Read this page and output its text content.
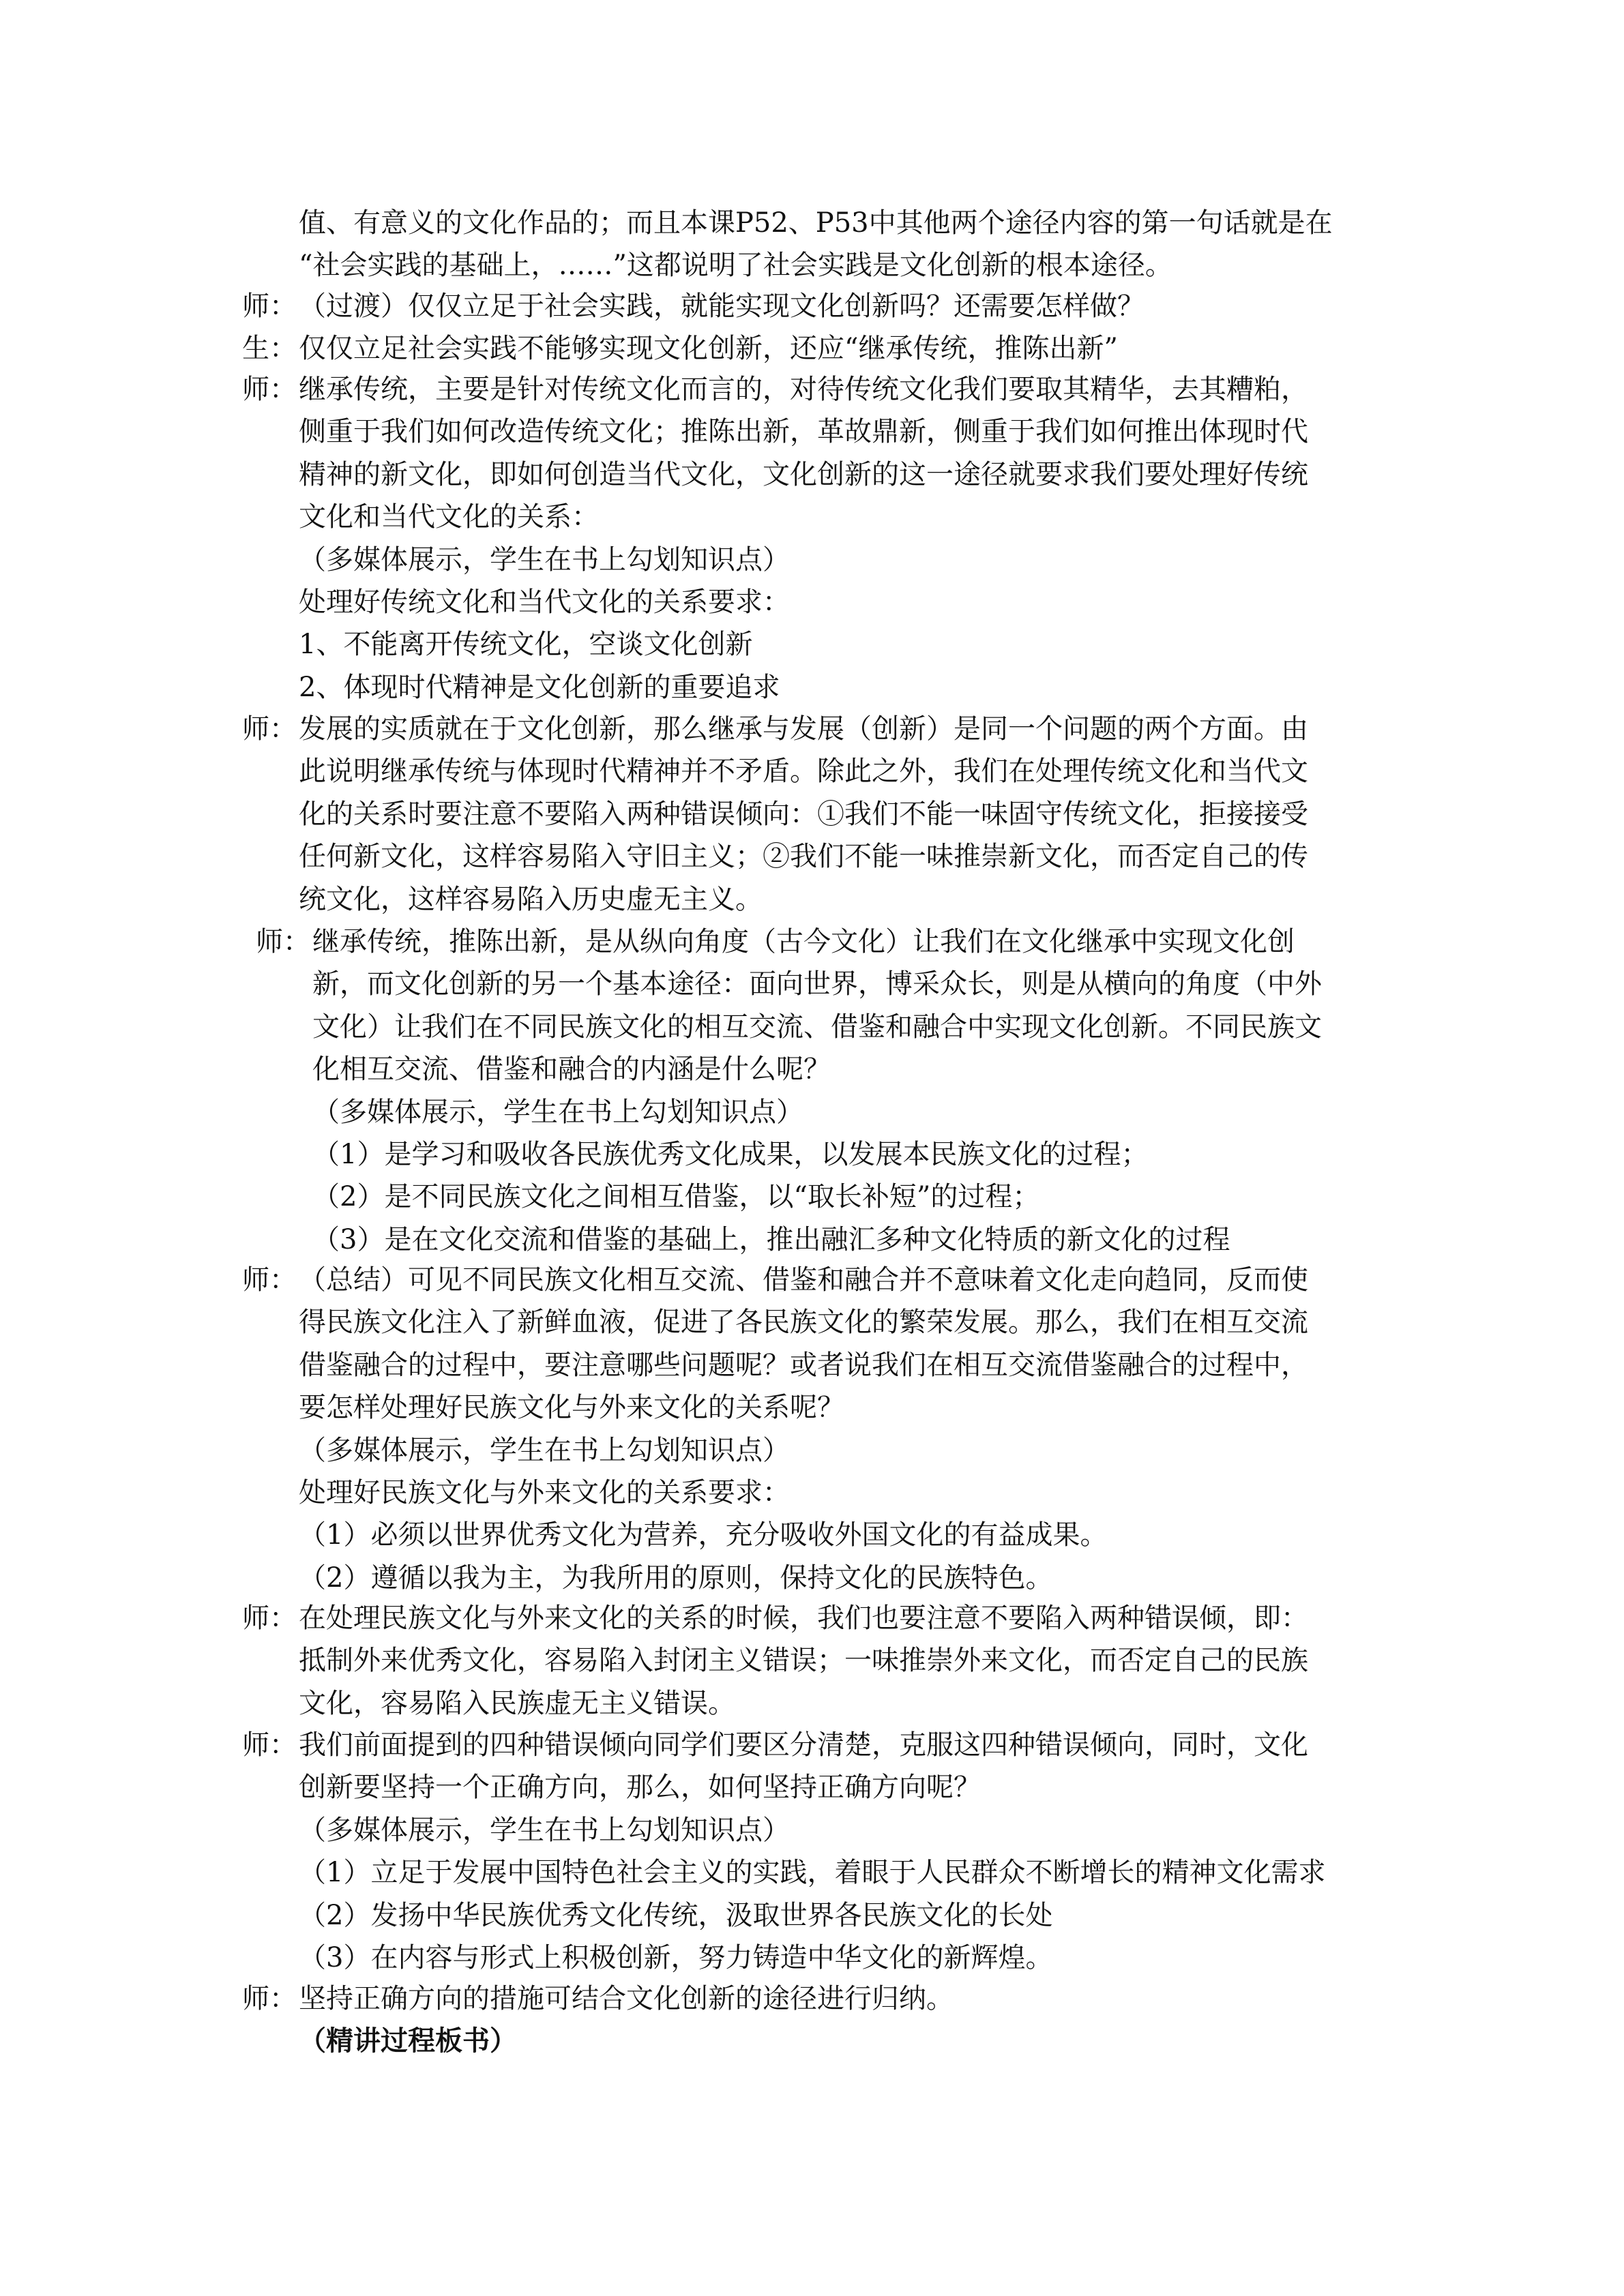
值、有意义的文化作品的；而且本课P52、P53中其他两个途径内容的第一句话就是在
“社会实践的基础上，……”这都说明了社会实践是文化创新的根本途径。
师： （过渡）仅仅立足于社会实践，就能实现文化创新吗？还需要怎样做？
生： 仅仅立足社会实践不能够实现文化创新，还应“继承传统，推陈出新”
师： 继承传统，主要是针对传统文化而言的，对待传统文化我们要取其精华，去其糟粕，
侧重于我们如何改造传统文化；推陈出新，革故鼎新，侧重于我们如何推出体现时代
精神的新文化，即如何创造当代文化，文化创新的这一途径就要求我们要处理好传统
文化和当代文化的关系：
（多媒体展示，学生在书上勾划知识点）
处理好传统文化和当代文化的关系要求：
1、不能离开传统文化，空谈文化创新
2、体现时代精神是文化创新的重要追求
师： 发展的实质就在于文化创新，那么继承与发展（创新）是同一个问题的两个方面。由
此说明继承传统与体现时代精神并不矛盾。除此之外，我们在处理传统文化和当代文
化的关系时要注意不要陷入两种错误倾向：①我们不能一味固守传统文化，拒接接受
任何新文化，这样容易陷入守旧主义；②我们不能一味推崇新文化，而否定自己的传
统文化，这样容易陷入历史虚无主义。
师： 继承传统，推陈出新，是从纵向角度（古今文化）让我们在文化继承中实现文化创
新，而文化创新的另一个基本途径：面向世界，博采众长，则是从横向的角度（中外
文化）让我们在不同民族文化的相互交流、借鉴和融合中实现文化创新。不同民族文
化相互交流、借鉴和融合的内涵是什么呢？
（多媒体展示，学生在书上勾划知识点）
（1）是学习和吸收各民族优秀文化成果，以发展本民族文化的过程；
（2）是不同民族文化之间相互借鉴，以“取长补短”的过程；
（3）是在文化交流和借鉴的基础上，推出融汇多种文化特质的新文化的过程
师： （总结）可见不同民族文化相互交流、借鉴和融合并不意味着文化走向趋同，反而使
得民族文化注入了新鲜血液，促进了各民族文化的繁荣发展。那么，我们在相互交流
借鉴融合的过程中，要注意哪些问题呢？或者说我们在相互交流借鉴融合的过程中，
要怎样处理好民族文化与外来文化的关系呢？
（多媒体展示，学生在书上勾划知识点）
处理好民族文化与外来文化的关系要求：
（1）必须以世界优秀文化为营养，充分吸收外国文化的有益成果。
（2）遵循以我为主，为我所用的原则，保持文化的民族特色。
师： 在处理民族文化与外来文化的关系的时候，我们也要注意不要陷入两种错误倾，即：
抵制外来优秀文化，容易陷入封闭主义错误；一味推崇外来文化，而否定自己的民族
文化，容易陷入民族虚无主义错误。
师： 我们前面提到的四种错误倾向同学们要区分清楚，克服这四种错误倾向，同时，文化
创新要坚持一个正确方向，那么，如何坚持正确方向呢？
（多媒体展示，学生在书上勾划知识点）
（1）立足于发展中国特色社会主义的实践，着眼于人民群众不断增长的精神文化需求
（2）发扬中华民族优秀文化传统，汲取世界各民族文化的长处
（3）在内容与形式上积极创新，努力铸造中华文化的新辉煌。
师： 坚持正确方向的措施可结合文化创新的途径进行归纳。
（精讲过程板书）
